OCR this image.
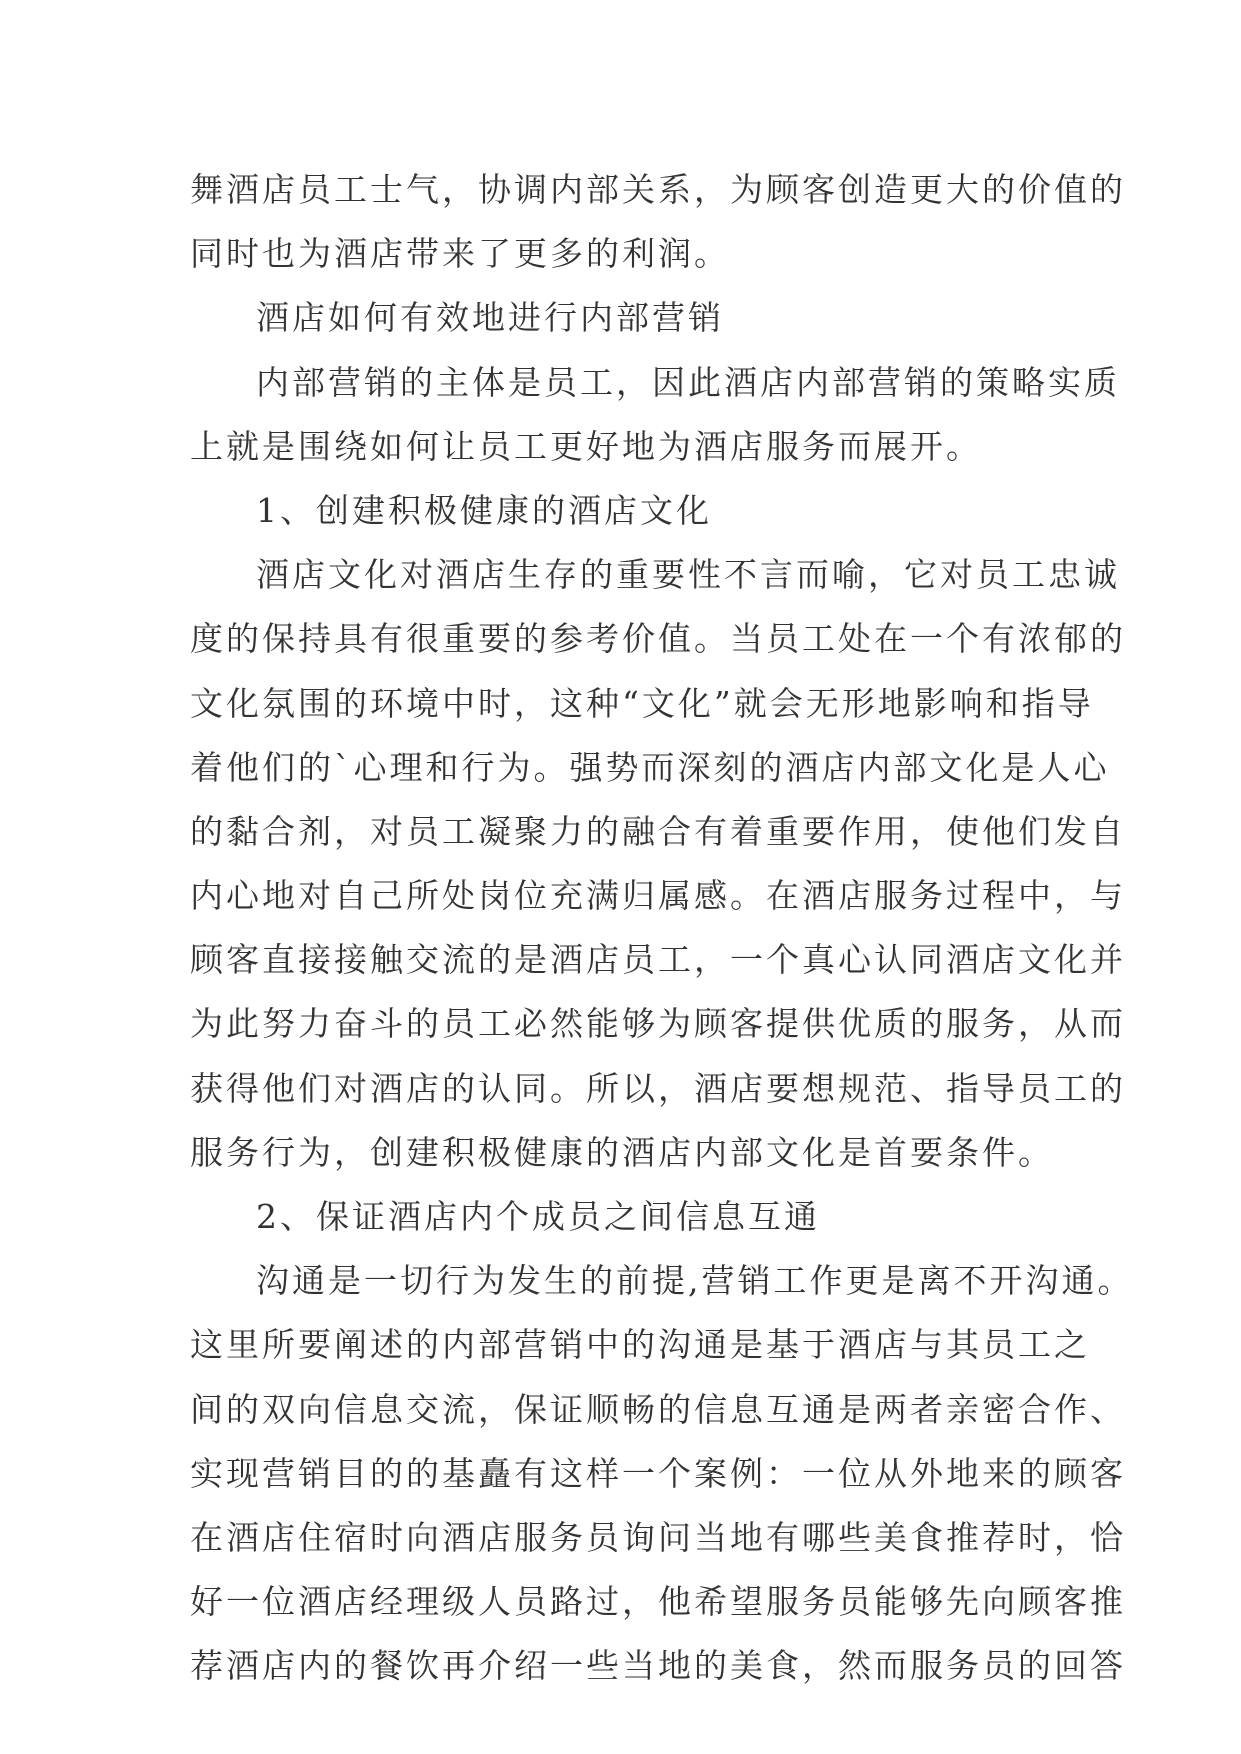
舞酒店员工士气，协调内部关系，为顾客创造更大的价值的
同时也为酒店带来了更多的利润。
酒店如何有效地进行内部营销
内部营销的主体是员工，因此酒店内部营销的策略实质
上就是围绕如何让员工更好地为酒店服务而展开。
1、创建积极健康的酒店文化
酒店文化对酒店生存的重要性不言而喻，它对员工忠诚
度的保持具有很重要的参考价值。当员工处在一个有浓郁的
文化氛围的环境中时，这种“文化”就会无形地影响和指导
着他们的`心理和行为。强势而深刻的酒店内部文化是人心
的黏合剂，对员工凝聚力的融合有着重要作用，使他们发自
内心地对自己所处岗位充满归属感。在酒店服务过程中，与
顾客直接接触交流的是酒店员工，一个真心认同酒店文化并
为此努力奋斗的员工必然能够为顾客提供优质的服务，从而
获得他们对酒店的认同。所以，酒店要想规范、指导员工的
服务行为，创建积极健康的酒店内部文化是首要条件。
2、保证酒店内个成员之间信息互通
沟通是一切行为发生的前提,营销工作更是离不开沟通。
这里所要阐述的内部营销中的沟通是基于酒店与其员工之
间的双向信息交流，保证顺畅的信息互通是两者亲密合作、
实现营销目的的基矗有这样一个案例：一位从外地来的顾客
在酒店住宿时向酒店服务员询问当地有哪些美食推荐时，恰
好一位酒店经理级人员路过，他希望服务员能够先向顾客推
荐酒店内的餐饮再介绍一些当地的美食，然而服务员的回答
